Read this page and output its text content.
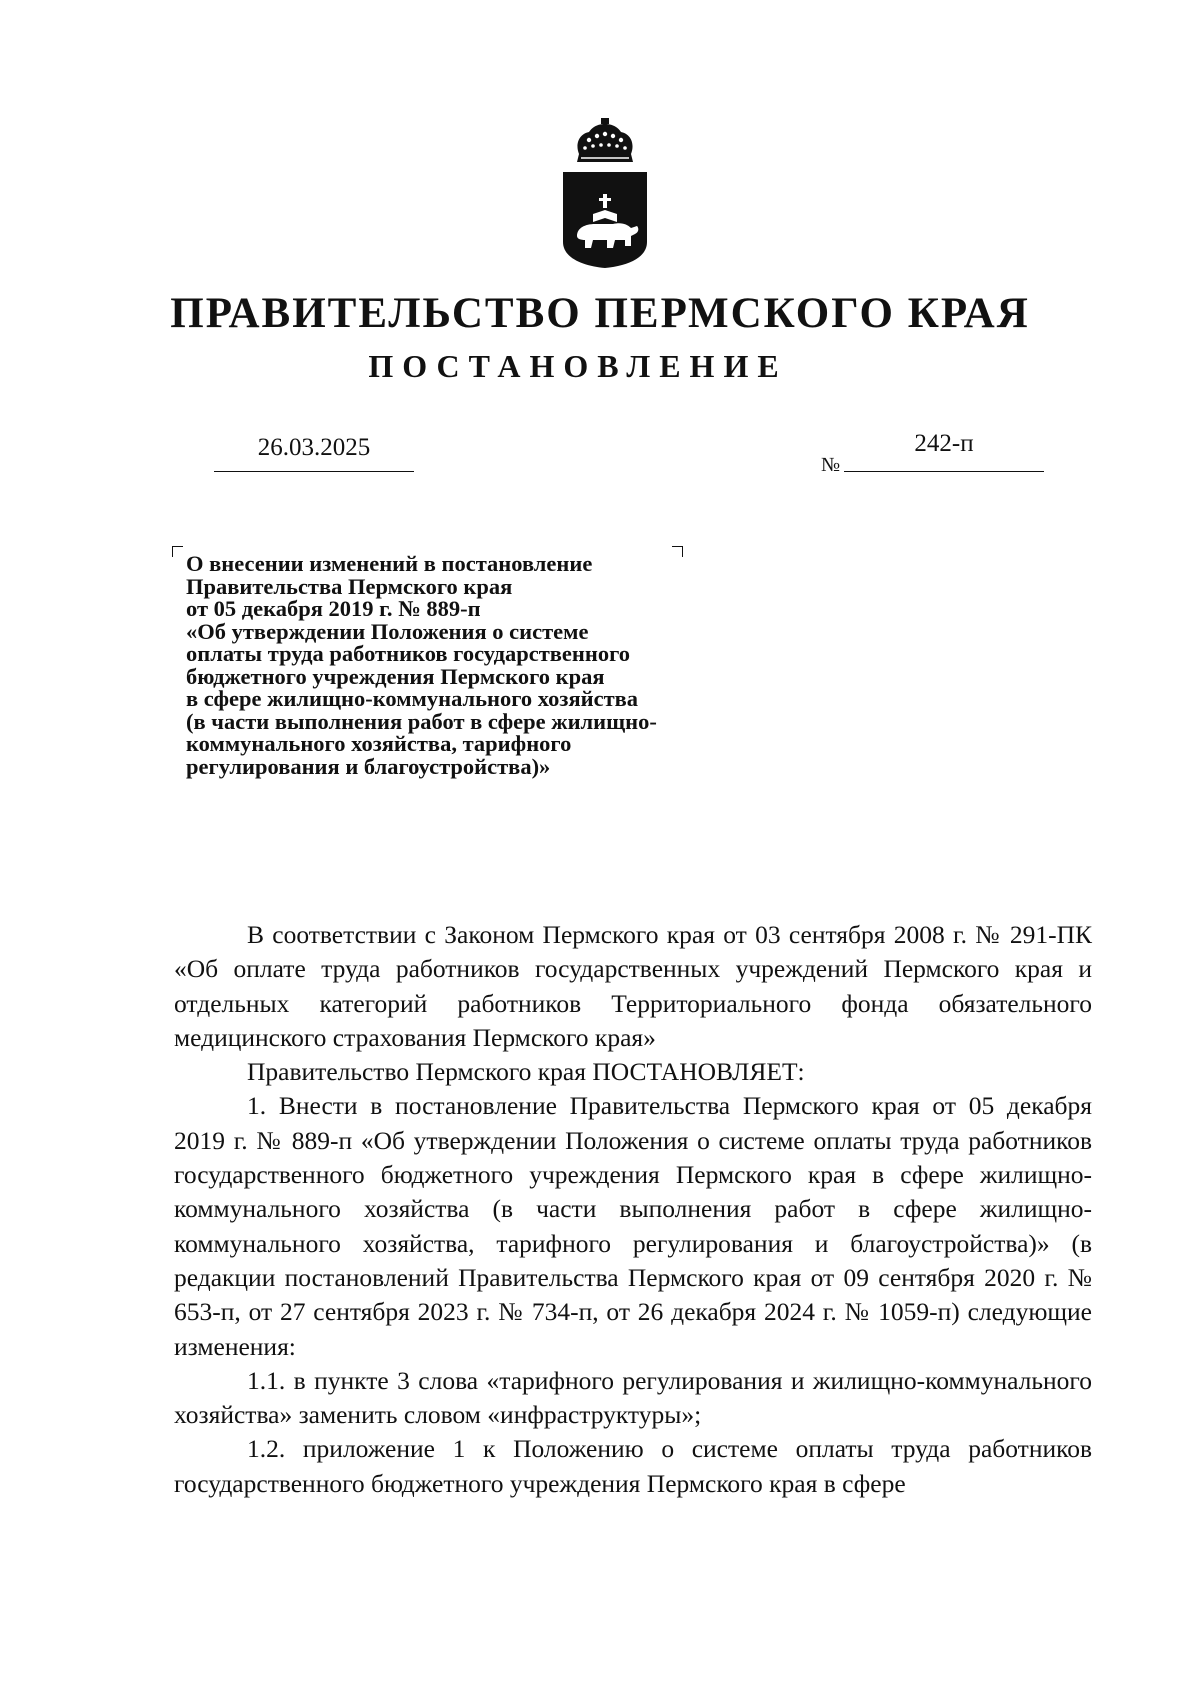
ПРАВИТЕЛЬСТВО ПЕРМСКОГО КРАЯ
ПОСТАНОВЛЕНИЕ
26.03.2025
№
242-п
О внесении изменений в постановление
Правительства Пермского края
от 05 декабря 2019 г. № 889-п
«Об утверждении Положения о системе
оплаты труда работников государственного
бюджетного учреждения Пермского края
в сфере жилищно-коммунального хозяйства
(в части выполнения работ в сфере жилищно-
коммунального хозяйства, тарифного
регулирования и благоустройства)»

В соответствии с Законом Пермского края от 03 сентября 2008 г. № 291-ПК «Об оплате труда работников государственных учреждений Пермского края и отдельных категорий работников Территориального фонда обязательного медицинского страхования Пермского края»

Правительство Пермского края ПОСТАНОВЛЯЕТ:

1. Внести в постановление Правительства Пермского края от 05 декабря 2019 г. № 889-п «Об утверждении Положения о системе оплаты труда работников государственного бюджетного учреждения Пермского края в сфере жилищно-коммунального хозяйства (в части выполнения работ в сфере жилищно-коммунального хозяйства, тарифного регулирования и благоустройства)» (в редакции постановлений Правительства Пермского края от 09 сентября 2020 г. № 653-п, от 27 сентября 2023 г. № 734-п, от 26 декабря 2024 г. № 1059-п) следующие изменения:

1.1. в пункте 3 слова «тарифного регулирования и жилищно-коммунального хозяйства» заменить словом «инфраструктуры»;

1.2. приложение 1 к Положению о системе оплаты труда работников государственного бюджетного учреждения Пермского края в сфере
